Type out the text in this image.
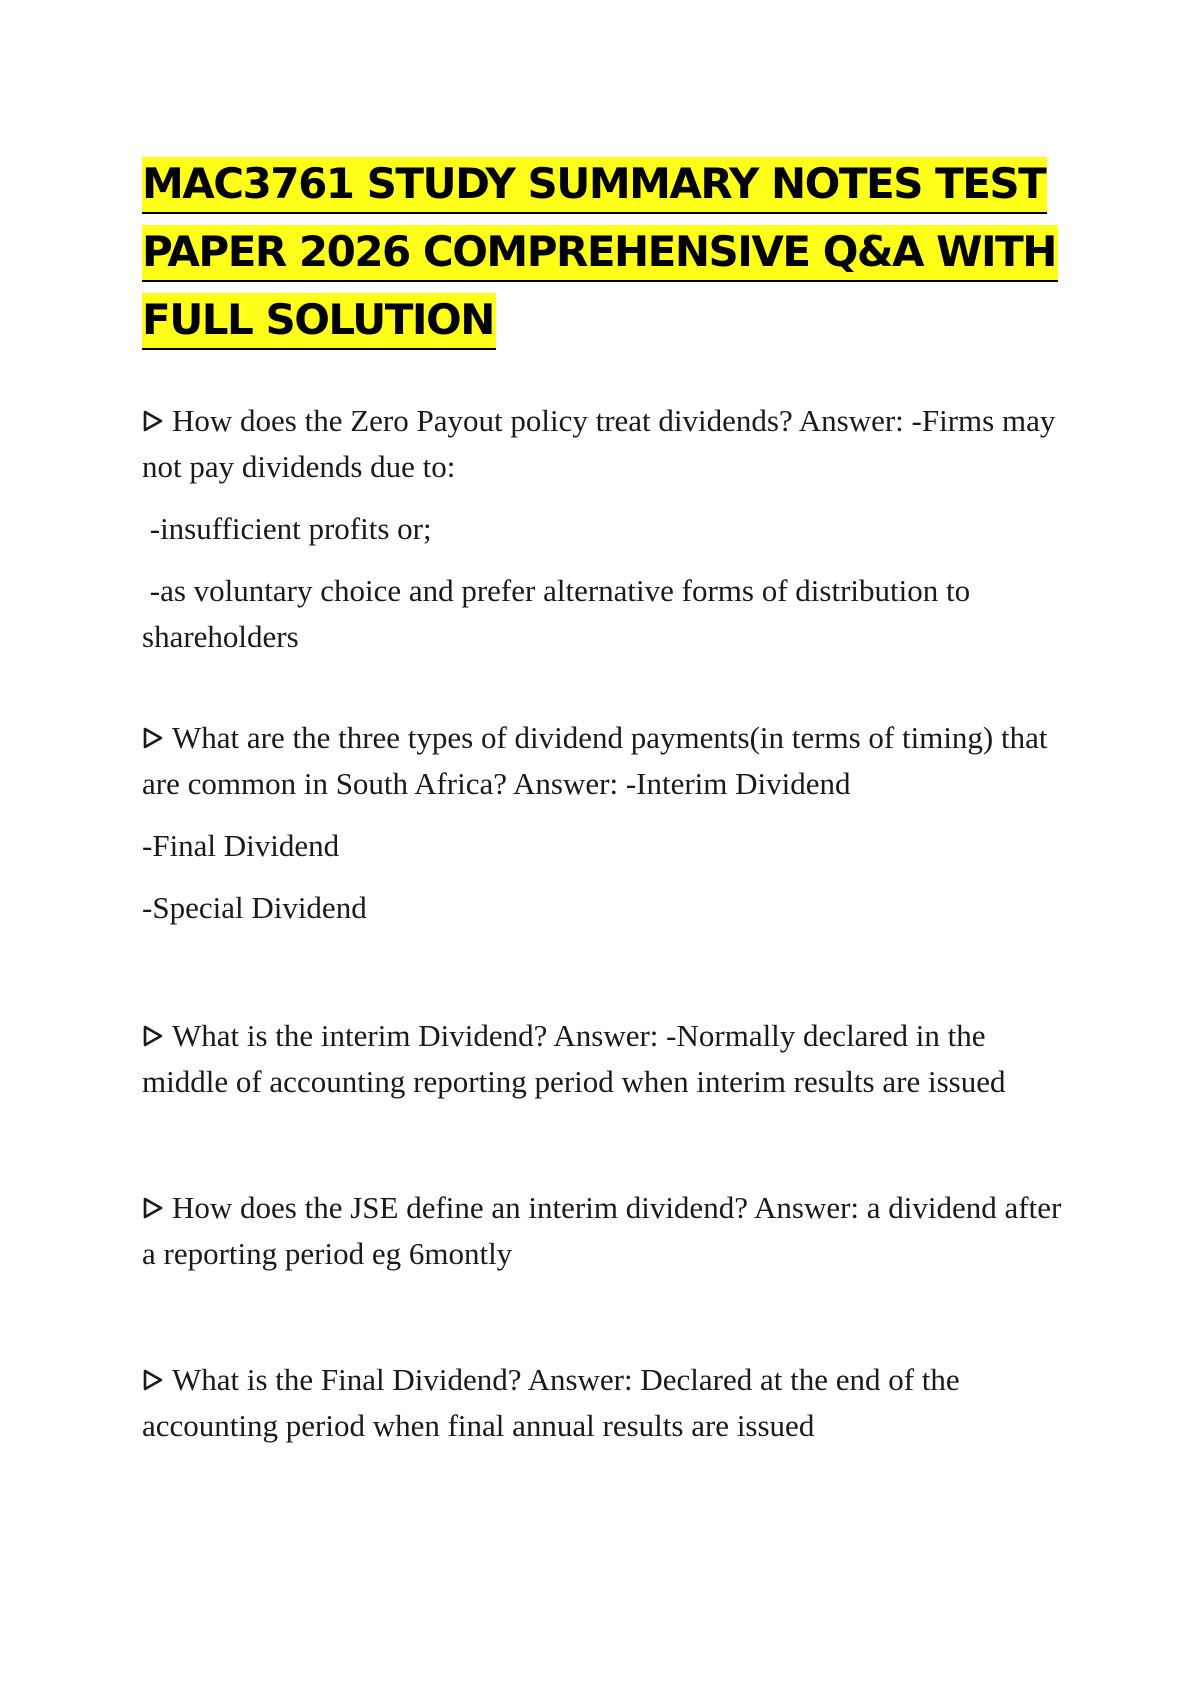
MAC3761 STUDY SUMMARY NOTES TEST PAPER 2026 COMPREHENSIVE Q&A WITH FULL SOLUTION

How does the Zero Payout policy treat dividends? Answer: -Firms may not pay dividends due to:

-insufficient profits or;

-as voluntary choice and prefer alternative forms of distribution to shareholders

What are the three types of dividend payments(in terms of timing) that are common in South Africa? Answer: -Interim Dividend

-Final Dividend

-Special Dividend

What is the interim Dividend? Answer: -Normally declared in the middle of accounting reporting period when interim results are issued

How does the JSE define an interim dividend? Answer: a dividend after a reporting period eg 6montly

What is the Final Dividend? Answer: Declared at the end of the accounting period when final annual results are issued
